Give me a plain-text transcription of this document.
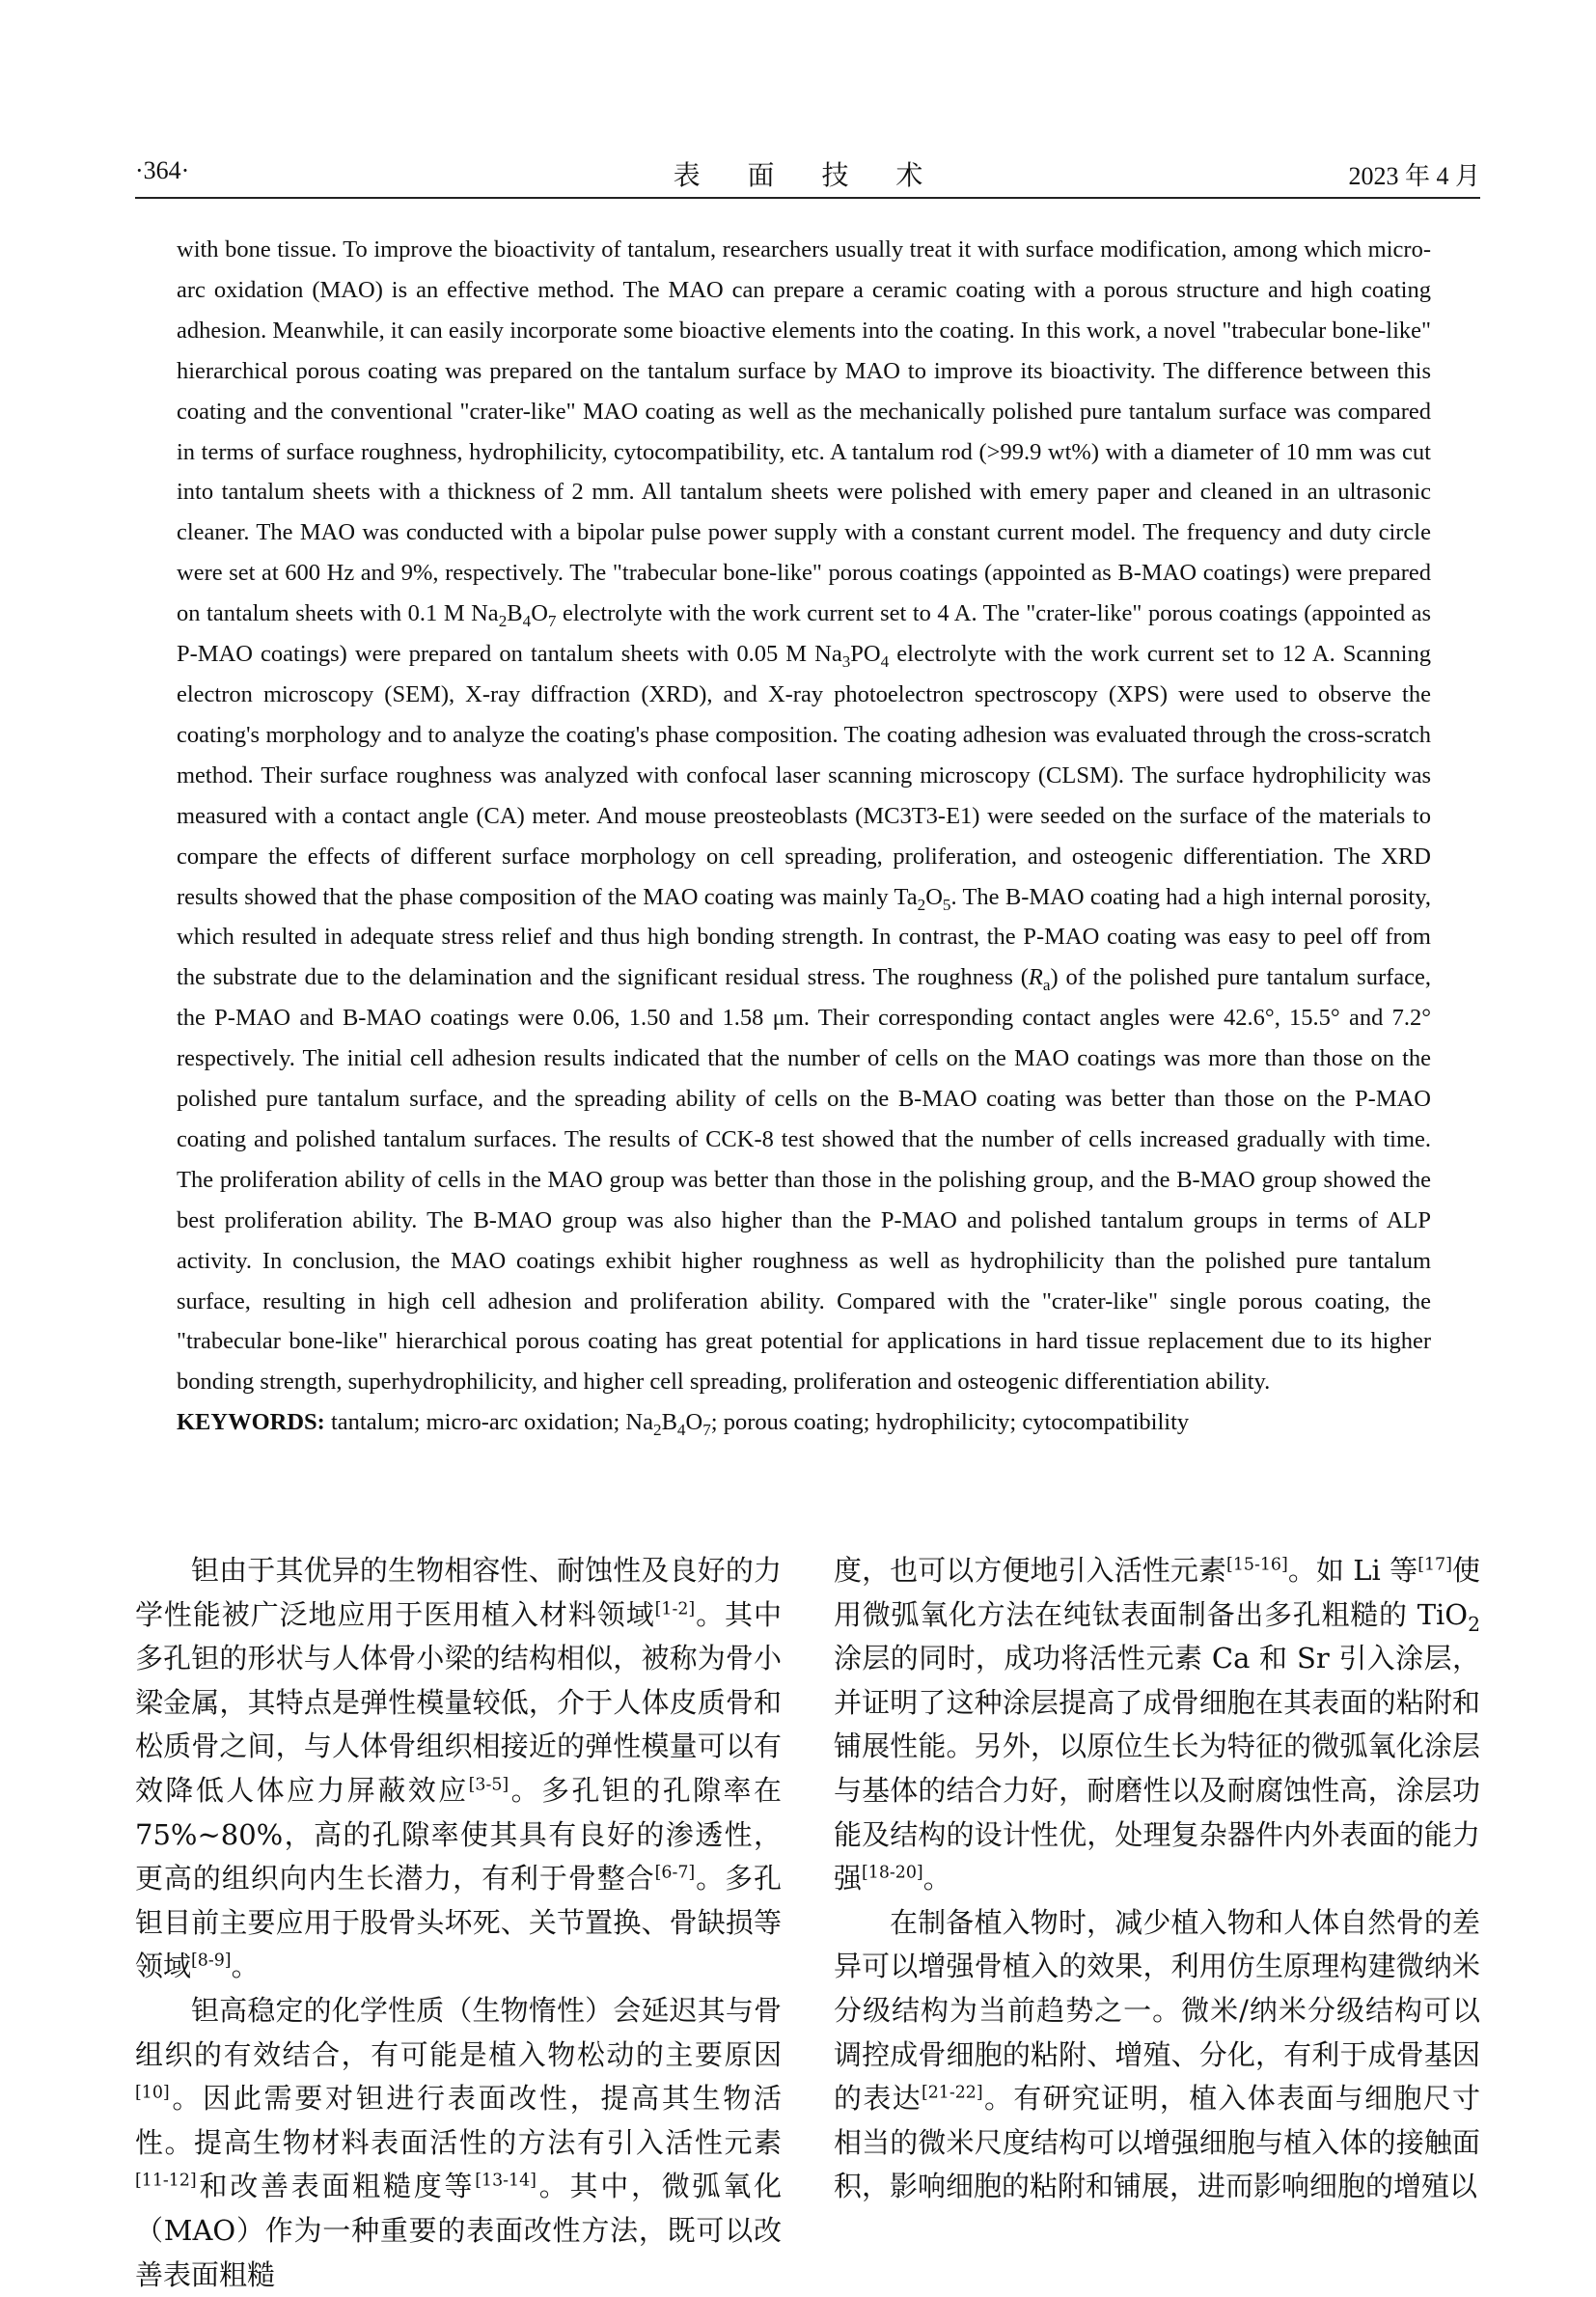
·364·	表 面 技 术	2023 年 4 月

with bone tissue. To improve the bioactivity of tantalum, researchers usually treat it with surface modification, among which micro-arc oxidation (MAO) is an effective method. The MAO can prepare a ceramic coating with a porous structure and high coating adhesion. Meanwhile, it can easily incorporate some bioactive elements into the coating. In this work, a novel "trabecular bone-like" hierarchical porous coating was prepared on the tantalum surface by MAO to improve its bioactivity. The difference between this coating and the conventional "crater-like" MAO coating as well as the mechanically polished pure tantalum surface was compared in terms of surface roughness, hydrophilicity, cytocompatibility, etc. A tantalum rod (>99.9 wt%) with a diameter of 10 mm was cut into tantalum sheets with a thickness of 2 mm. All tantalum sheets were polished with emery paper and cleaned in an ultrasonic cleaner. The MAO was conducted with a bipolar pulse power supply with a constant current model. The frequency and duty circle were set at 600 Hz and 9%, respectively. The "trabecular bone-like" porous coatings (appointed as B-MAO coatings) were prepared on tantalum sheets with 0.1 M $Na_2B_4O_7$ electrolyte with the work current set to 4 A. The "crater-like" porous coatings (appointed as P-MAO coatings) were prepared on tantalum sheets with 0.05 M $Na_3PO_4$ electrolyte with the work current set to 12 A. Scanning electron microscopy (SEM), X-ray diffraction (XRD), and X-ray photoelectron spectroscopy (XPS) were used to observe the coating's morphology and to analyze the coating's phase composition. The coating adhesion was evaluated through the cross-scratch method. Their surface roughness was analyzed with confocal laser scanning microscopy (CLSM). The surface hydrophilicity was measured with a contact angle (CA) meter. And mouse preosteoblasts (MC3T3-E1) were seeded on the surface of the materials to compare the effects of different surface morphology on cell spreading, proliferation, and osteogenic differentiation. The XRD results showed that the phase composition of the MAO coating was mainly $Ta_2O_5$. The B-MAO coating had a high internal porosity, which resulted in adequate stress relief and thus high bonding strength. In contrast, the P-MAO coating was easy to peel off from the substrate due to the delamination and the significant residual stress. The roughness $(R_a)$ of the polished pure tantalum surface, the P-MAO and B-MAO coatings were 0.06, 1.50 and 1.58 μm. Their corresponding contact angles were 42.6°, 15.5° and 7.2° respectively. The initial cell adhesion results indicated that the number of cells on the MAO coatings was more than those on the polished pure tantalum surface, and the spreading ability of cells on the B-MAO coating was better than those on the P-MAO coating and polished tantalum surfaces. The results of CCK-8 test showed that the number of cells increased gradually with time. The proliferation ability of cells in the MAO group was better than those in the polishing group, and the B-MAO group showed the best proliferation ability. The B-MAO group was also higher than the P-MAO and polished tantalum groups in terms of ALP activity. In conclusion, the MAO coatings exhibit higher roughness as well as hydrophilicity than the polished pure tantalum surface, resulting in high cell adhesion and proliferation ability. Compared with the "crater-like" single porous coating, the "trabecular bone-like" hierarchical porous coating has great potential for applications in hard tissue replacement due to its higher bonding strength, superhydrophilicity, and higher cell spreading, proliferation and osteogenic differentiation ability.

KEYWORDS: tantalum; micro-arc oxidation; $Na_2B_4O_7$; porous coating; hydrophilicity; cytocompatibility

钽由于其优异的生物相容性、耐蚀性及良好的力学性能被广泛地应用于医用植入材料领域[1-2]。其中多孔钽的形状与人体骨小梁的结构相似，被称为骨小梁金属，其特点是弹性模量较低，介于人体皮质骨和松质骨之间，与人体骨组织相接近的弹性模量可以有效降低人体应力屏蔽效应[3-5]。多孔钽的孔隙率在75%~80%，高的孔隙率使其具有良好的渗透性，更高的组织向内生长潜力，有利于骨整合[6-7]。多孔钽目前主要应用于股骨头坏死、关节置换、骨缺损等领域[8-9]。

钽高稳定的化学性质（生物惰性）会延迟其与骨组织的有效结合，有可能是植入物松动的主要原因[10]。因此需要对钽进行表面改性，提高其生物活性。提高生物材料表面活性的方法有引入活性元素[11-12]和改善表面粗糙度等[13-14]。其中，微弧氧化（MAO）作为一种重要的表面改性方法，既可以改善表面粗糙

度，也可以方便地引入活性元素[15-16]。如 Li 等[17]使用微弧氧化方法在纯钛表面制备出多孔粗糙的 TiO$_2$ 涂层的同时，成功将活性元素 Ca 和 Sr 引入涂层，并证明了这种涂层提高了成骨细胞在其表面的粘附和铺展性能。另外，以原位生长为特征的微弧氧化涂层与基体的结合力好，耐磨性以及耐腐蚀性高，涂层功能及结构的设计性优，处理复杂器件内外表面的能力强[18-20]。

在制备植入物时，减少植入物和人体自然骨的差异可以增强骨植入的效果，利用仿生原理构建微纳米分级结构为当前趋势之一。微米/纳米分级结构可以调控成骨细胞的粘附、增殖、分化，有利于成骨基因的表达[21-22]。有研究证明，植入体表面与细胞尺寸相当的微米尺度结构可以增强细胞与植入体的接触面积，影响细胞的粘附和铺展，进而影响细胞的增殖以
